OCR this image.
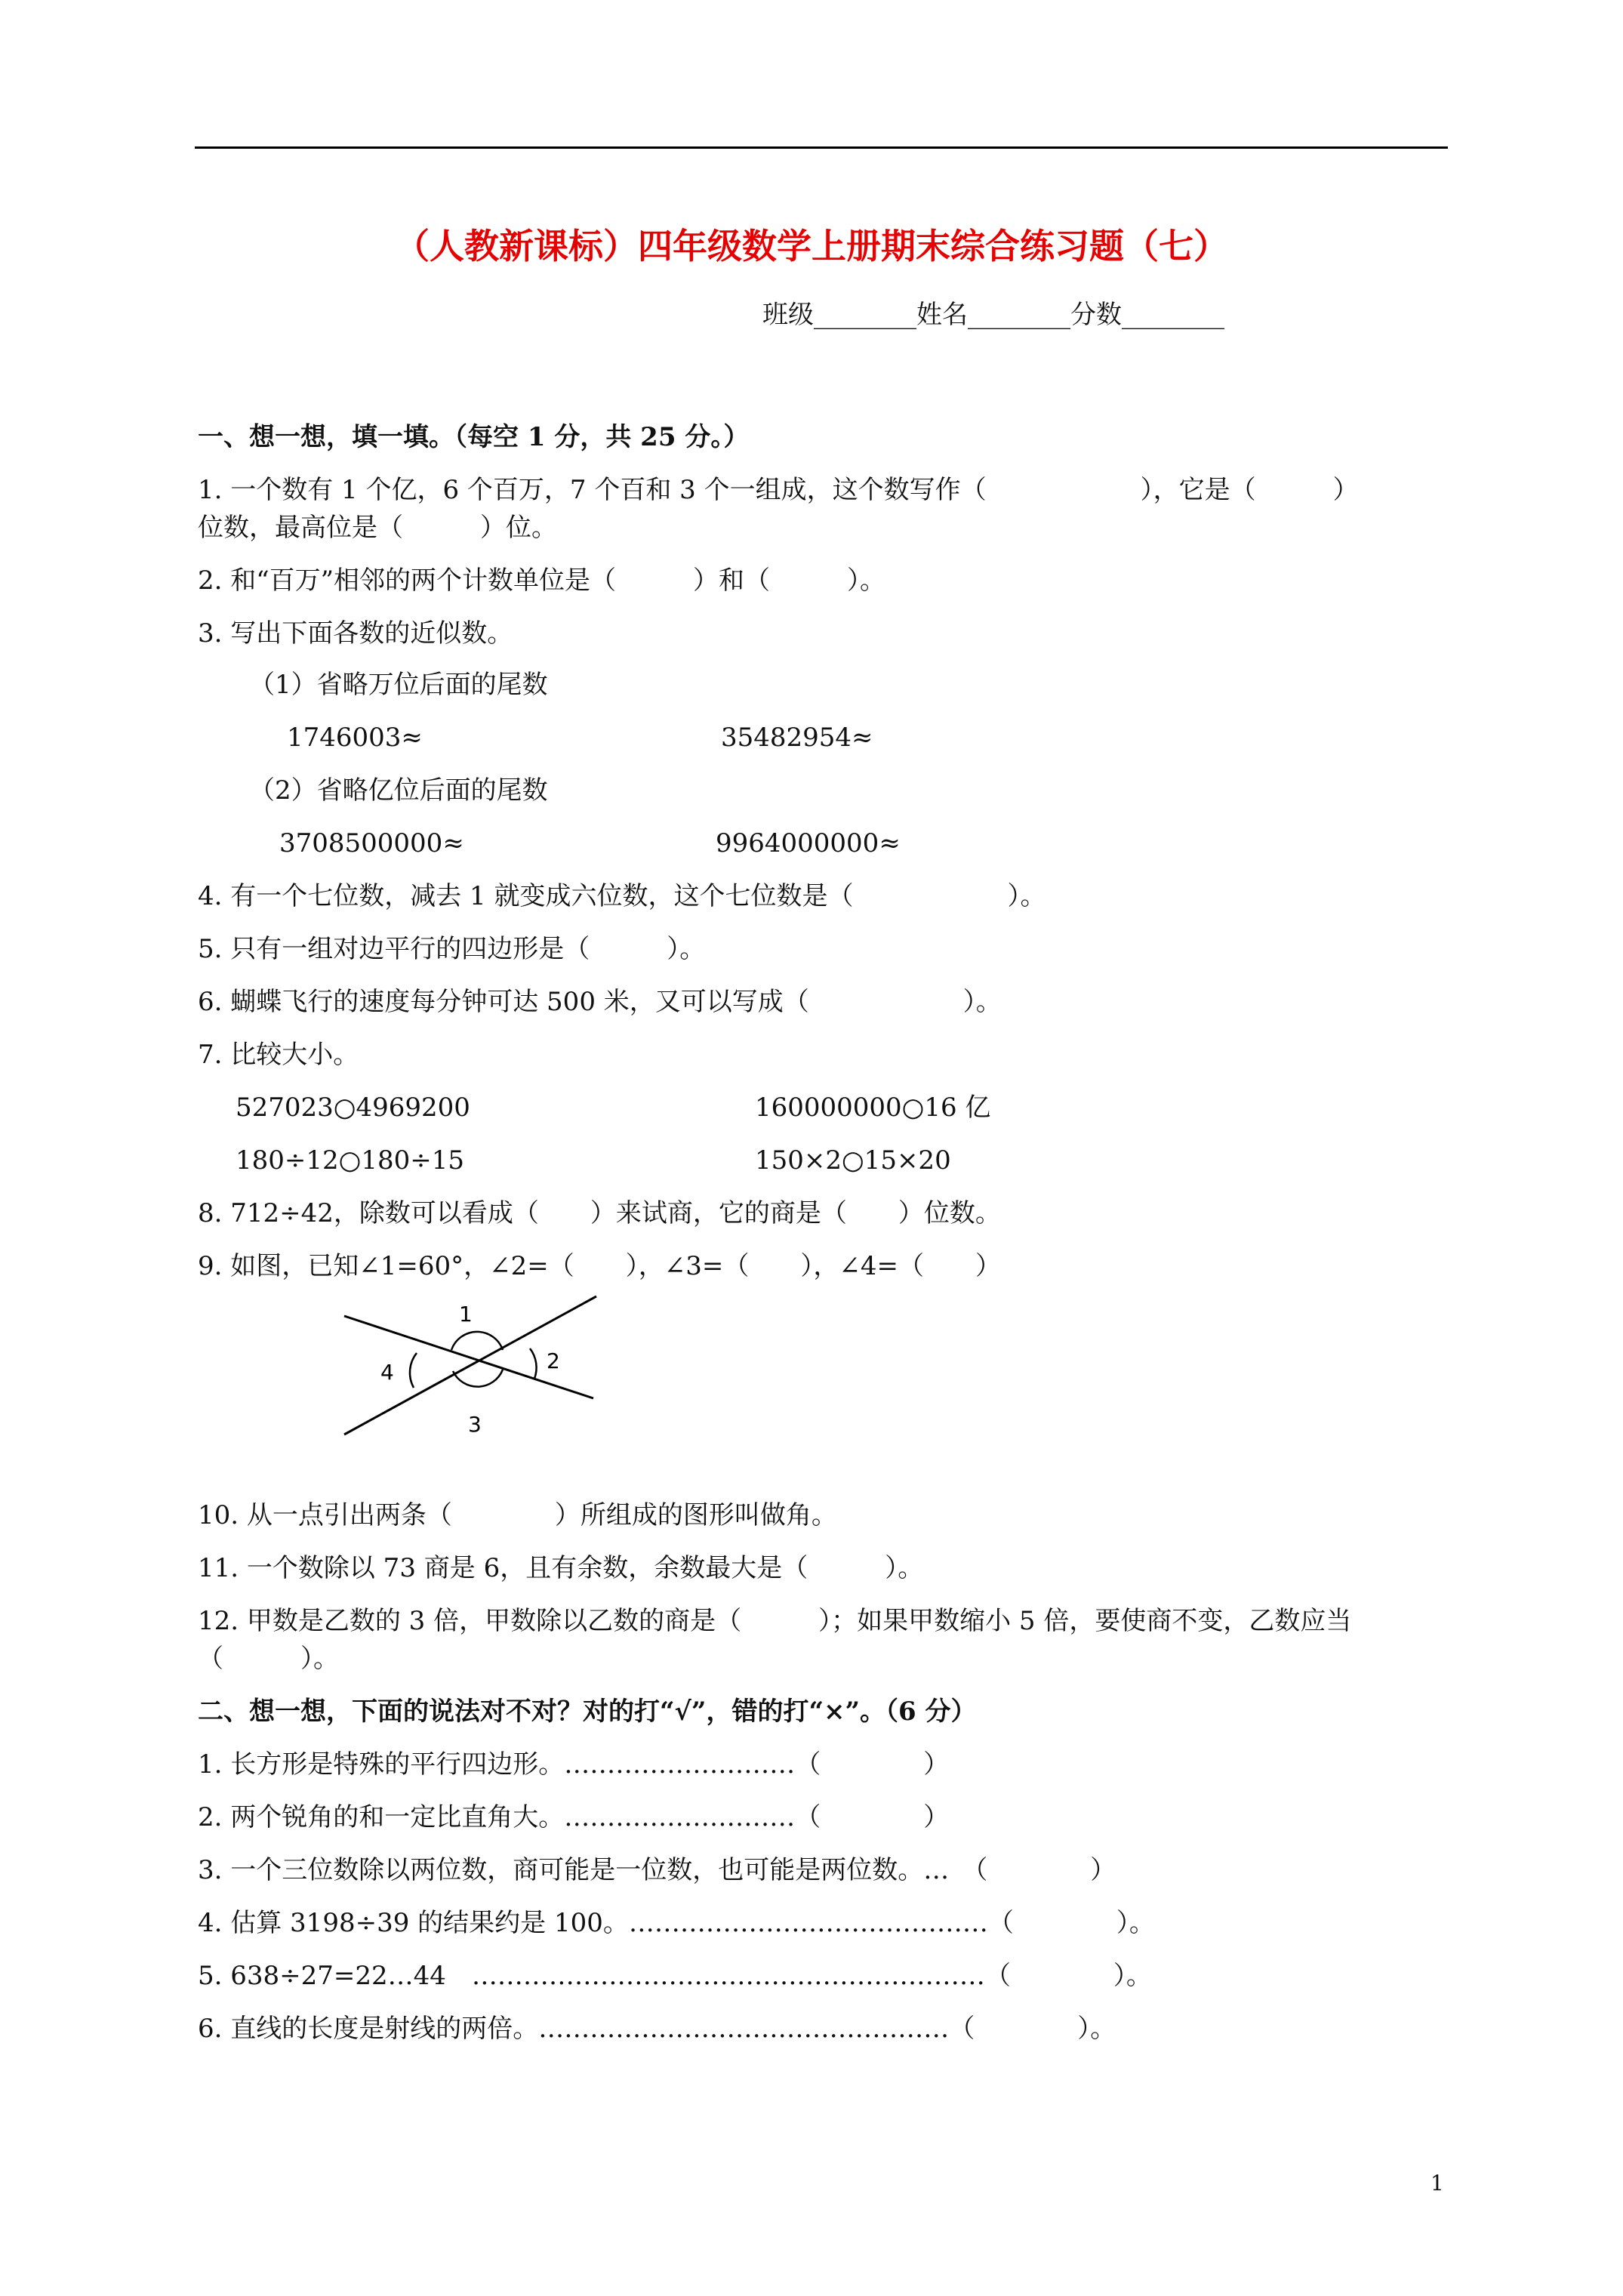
（人教新课标）四年级数学上册期末综合练习题（七）
班级________姓名________分数________
一、想一想，填一填。（每空 1 分，共 25 分。）
1. 一个数有 1 个亿，6 个百万，7 个百和 3 个一组成，这个数写作（　　　　　　），它是（　　　）
位数，最高位是（　　　）位。
2. 和“百万”相邻的两个计数单位是（　　　）和（　　　）。
3. 写出下面各数的近似数。
（1）省略万位后面的尾数
1746003≈	35482954≈
（2）省略亿位后面的尾数
3708500000≈	9964000000≈
4. 有一个七位数，减去 1 就变成六位数，这个七位数是（　　　　　　）。
5. 只有一组对边平行的四边形是（　　　）。
6. 蝴蝶飞行的速度每分钟可达 500 米，又可以写成（　　　　　　）。
7. 比较大小。
527023○4969200	160000000○16 亿
180÷12○180÷15	150×2○15×20
8. 712÷42，除数可以看成（　　）来试商，它的商是（　　）位数。
9. 如图，已知∠1=60°，∠2=（　　），∠3=（　　），∠4=（　　）
1
2
3
4
10. 从一点引出两条（　　　　）所组成的图形叫做角。
11. 一个数除以 73 商是 6，且有余数，余数最大是（　　　）。
12. 甲数是乙数的 3 倍，甲数除以乙数的商是（　　　）；如果甲数缩小 5 倍，要使商不变，乙数应当
（　　　）。
二、想一想，下面的说法对不对？对的打“√”，错的打“×”。（6 分）
1. 长方形是特殊的平行四边形。………………………（　　　　）
2. 两个锐角的和一定比直角大。………………………（　　　　）
3. 一个三位数除以两位数，商可能是一位数，也可能是两位数。…　（　　　　）
4. 估算 3198÷39 的结果约是 100。……………………………………（　　　　）。
5. 638÷27=22…44　……………………………………………………（　　　　）。
6. 直线的长度是射线的两倍。…………………………………………（　　　　）。
1
